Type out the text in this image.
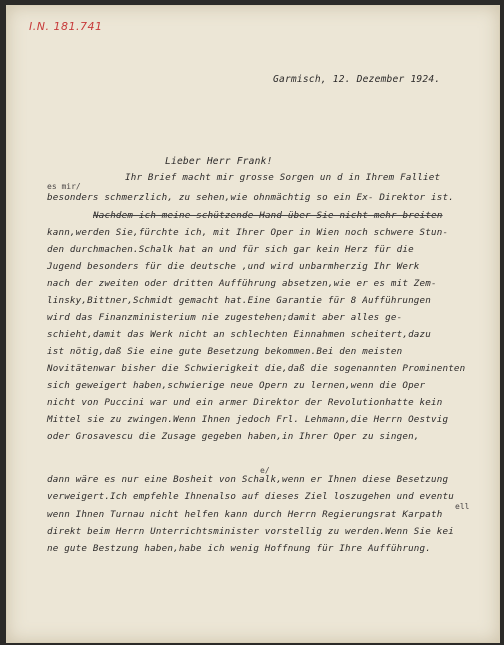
I.N. 181.741
Garmisch, 12. Dezember 1924.
Lieber Herr Frank!
Ihr Brief macht mir grosse Sorgen un d in Ihrem Falliet
besonders schmerzlich, zu sehen,wie ohnmächtig so ein Ex- Direktor ist.
es mir/
Nachdem ich meine schützende Hand über Sie nicht mehr breiten
kann,werden Sie,fürchte ich, mit Ihrer Oper in Wien noch schwere Stun-
den durchmachen.Schalk hat an und für sich gar kein Herz für die
Jugend besonders für die deutsche ,und wird unbarmherzig Ihr Werk
nach der zweiten oder dritten Aufführung absetzen,wie er es mit Zem-
linsky,Bittner,Schmidt gemacht hat.Eine Garantie für 8 Aufführungen
wird das Finanzministerium nie zugestehen;damit aber alles ge-
schieht,damit das Werk nicht an schlechten Einnahmen scheitert,dazu
ist nötig,daß Sie eine gute Besetzung bekommen.Bei den meisten
Novitätenwar bisher die Schwierigkeit die,daß die sogenannten Prominenten
sich geweigert haben,schwierige neue Opern zu lernen,wenn die Oper
nicht von Puccini war und ein armer Direktor der Revolutionhatte kein
Mittel sie zu zwingen.Wenn Ihnen jedoch Frl. Lehmann,die Herrn Oestvig
oder Grosavescu die Zusage gegeben haben,in Ihrer Oper zu singen,
e/
dann wäre es nur eine Bosheit von Schalk,wenn er Ihnen diese Besetzung
verweigert.Ich empfehle Ihnenalso auf dieses Ziel loszugehen und eventu
ell
wenn Ihnen Turnau nicht helfen kann durch Herrn Regierungsrat Karpath
direkt beim Herrn Unterrichtsminister vorstellig zu werden.Wenn Sie kei
ne gute Bestzung haben,habe ich wenig Hoffnung für Ihre Aufführung.
